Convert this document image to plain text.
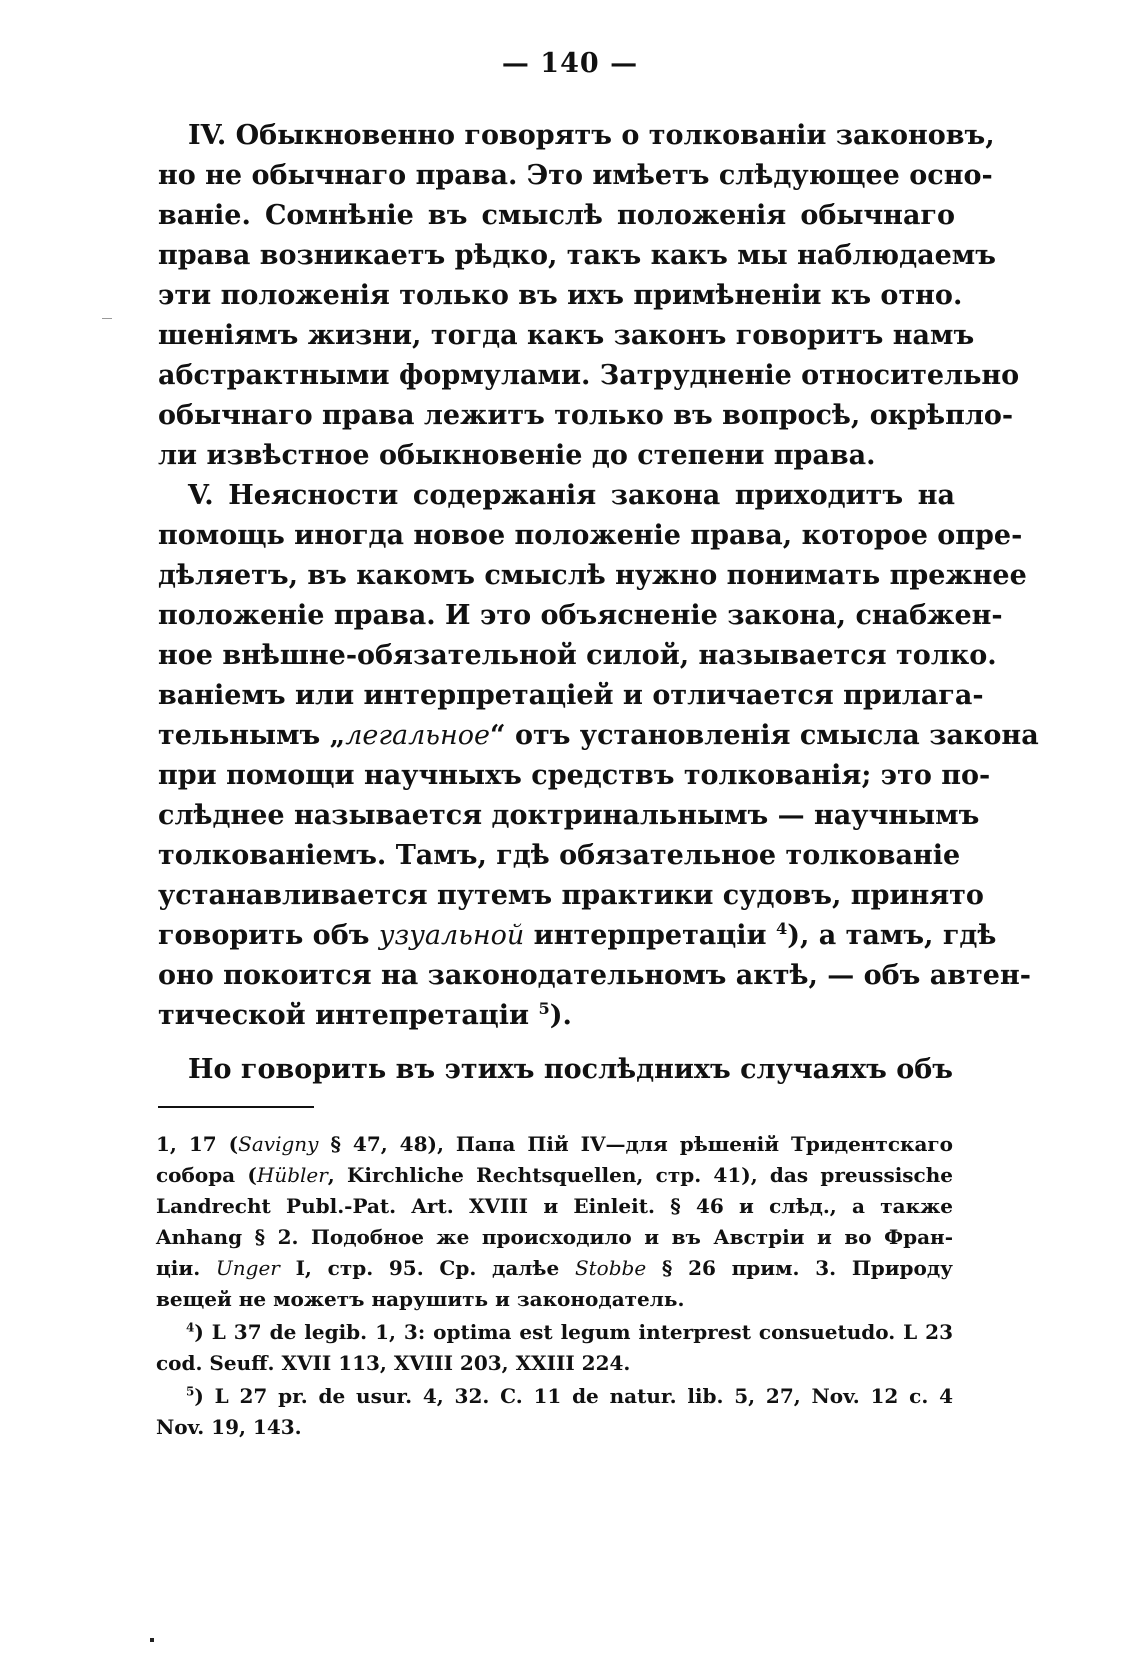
— 140 —
IV. Обыкновенно говорятъ о толкованіи законовъ,
но не обычнаго права. Это имѣетъ слѣдующее осно-
ваніе. Сомнѣніе въ смыслѣ положенія обычнаго
права возникаетъ рѣдко, такъ какъ мы наблюдаемъ
эти положенія только въ ихъ примѣненіи къ отно.
шеніямъ жизни, тогда какъ законъ говоритъ намъ
абстрактными формулами. Затрудненіе относительно
обычнаго права лежитъ только въ вопросѣ, окрѣпло-
ли извѣстное обыкновеніе до степени права.
V. Неясности содержанія закона приходитъ на
помощь иногда новое положеніе права, которое опре-
дѣляетъ, въ какомъ смыслѣ нужно понимать прежнее
положеніе права. И это объясненіе закона, снабжен-
ное внѣшне-обязательной силой, называется толко.
ваніемъ или интерпретаціей и отличается прилага-
тельнымъ „легальное“ отъ установленія смысла закона
при помощи научныхъ средствъ толкованія; это по-
слѣднее называется доктринальнымъ — научнымъ
толкованіемъ. Тамъ, гдѣ обязательное толкованіе
устанавливается путемъ практики судовъ, принято
говорить объ узуальной интерпретаціи $^4$), а тамъ, гдѣ
оно покоится на законодательномъ актѣ, — объ автен-
тической интепретаціи $^5$).
Но говорить въ этихъ послѣднихъ случаяхъ объ
1, 17 (Savigny § 47, 48), Папа Пій IV—для рѣшеній Тридентскаго
собора (Hübler, Kirchliche Rechtsquellen, стр. 41), das preussische
Landrecht Publ.-Pat. Art. XVIII и Einleit. § 46 и слѣд., а также
Anhang § 2. Подобное же происходило и въ Австріи и во Фран-
ціи. Unger I, стр. 95. Ср. далѣе Stobbe § 26 прим. 3. Природу
вещей не можетъ нарушить и законодатель.
$^4$) L 37 de legib. 1, 3: optima est legum interprest consuetudo. L 23
cod. Seuff. XVII 113, XVIII 203, XXIII 224.
$^5$) L 27 pr. de usur. 4, 32. C. 11 de natur. lib. 5, 27, Nov. 12 c. 4
Nov. 19, 143.
